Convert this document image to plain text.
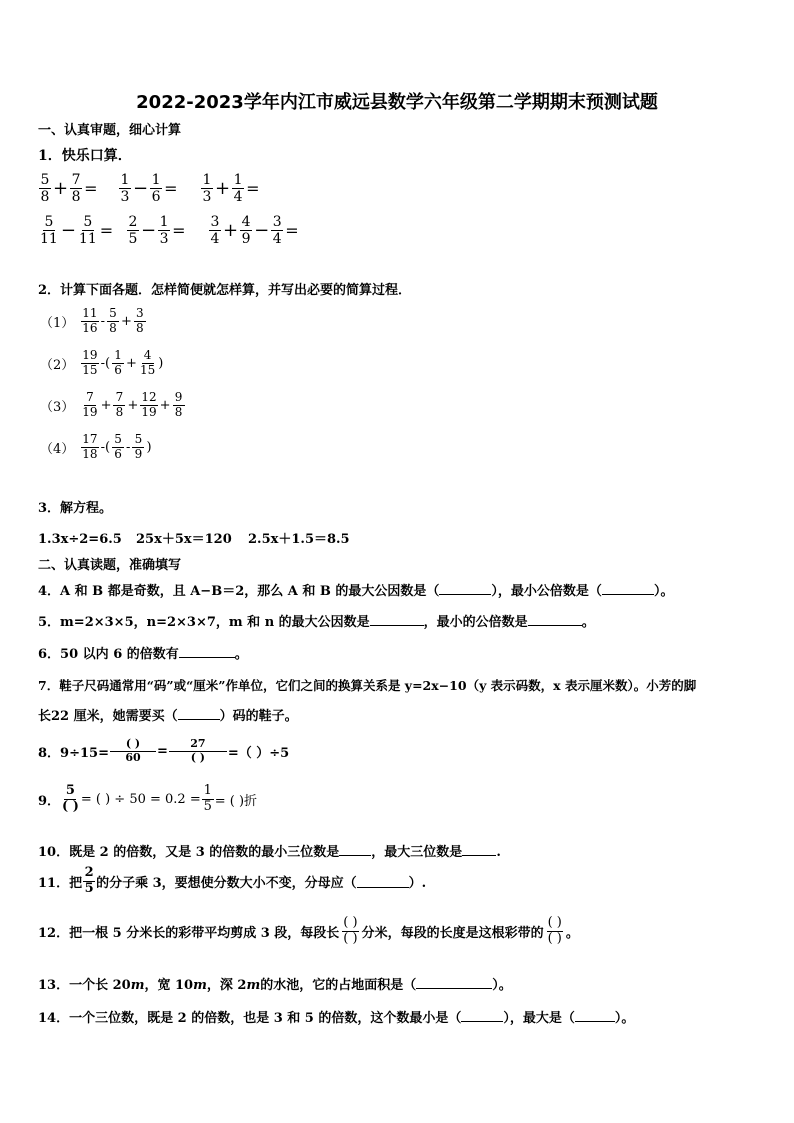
2022-2023学年内江市威远县数学六年级第二学期期末预测试题
一、认真审题，细心计算
1．快乐口算．
$\frac{5}{8} + \frac{7}{8} = \frac{1}{3} - \frac{1}{6} = \frac{1}{3} + \frac{1}{4}$ =
$\frac{5}{11} - \frac{5}{11} = \frac{2}{5} - \frac{1}{3} = \frac{3}{4} + \frac{4}{9} - \frac{3}{4}$ =
2．计算下面各题．怎样简便就怎样算，并写出必要的简算过程．
$(1) \frac{11}{16} - \frac{5}{8} + \frac{3}{8}$
$(2) \frac{19}{15}$ -( $\frac{1}{6} + \frac{4}{15}$ )
$(3) \frac{7}{19} + \frac{7}{8} + \frac{12}{19} + \frac{9}{8}$
$(4) \frac{17}{18}$ -( $\frac{5}{6} - \frac{5}{9}$ )
3．解方程。
1.3x÷2=6.5 25x＋5x＝120 2.5x＋1.5＝8.5
二、认真读题，准确填写
4．A 和 B 都是奇数，且 A−B＝2，那么 A 和 B 的最大公因数是（	），最小公倍数是（	）。
5．m=2×3×5，n=2×3×7，m 和 n 的最大公因数是	，最小的公倍数是	。
6．50 以内 6 的倍数有	。
7．鞋子尺码通常用“码”或“厘米”作单位，它们之间的换算关系是 y=2x−10（y 表示码数，x 表示厘米数）。小芳的脚
长22 厘米，她需要买（	）码的鞋子。
8．$9\div 15= \frac{( )}{60} = \frac{27}{( )}$ =（ ）÷5
9． $\frac{5}{( )}$ = ( ) ÷ $50 = 0.2 = \frac{1}{5}$ = ( )折
10．既是 2 的倍数，又是 3 的倍数的最小三位数是 ，最大三位数是	.
11．把 $\frac{2}{5}$ 的分子乘 3，要想使分数大小不变，分母应（	）.
12．把一根 5 分米长的彩带平均剪成 3 段，每段长 $\frac{( )}{( )}$ 分米，每段的长度是这根彩带的 $\frac{( )}{( )}$ 。
13．一个长 20m，宽 10m，深 2m的水池，它的占地面积是（	）。
14．一个三位数，既是 2 的倍数，也是 3 和 5 的倍数，这个数最小是（	），最大是（	）。
